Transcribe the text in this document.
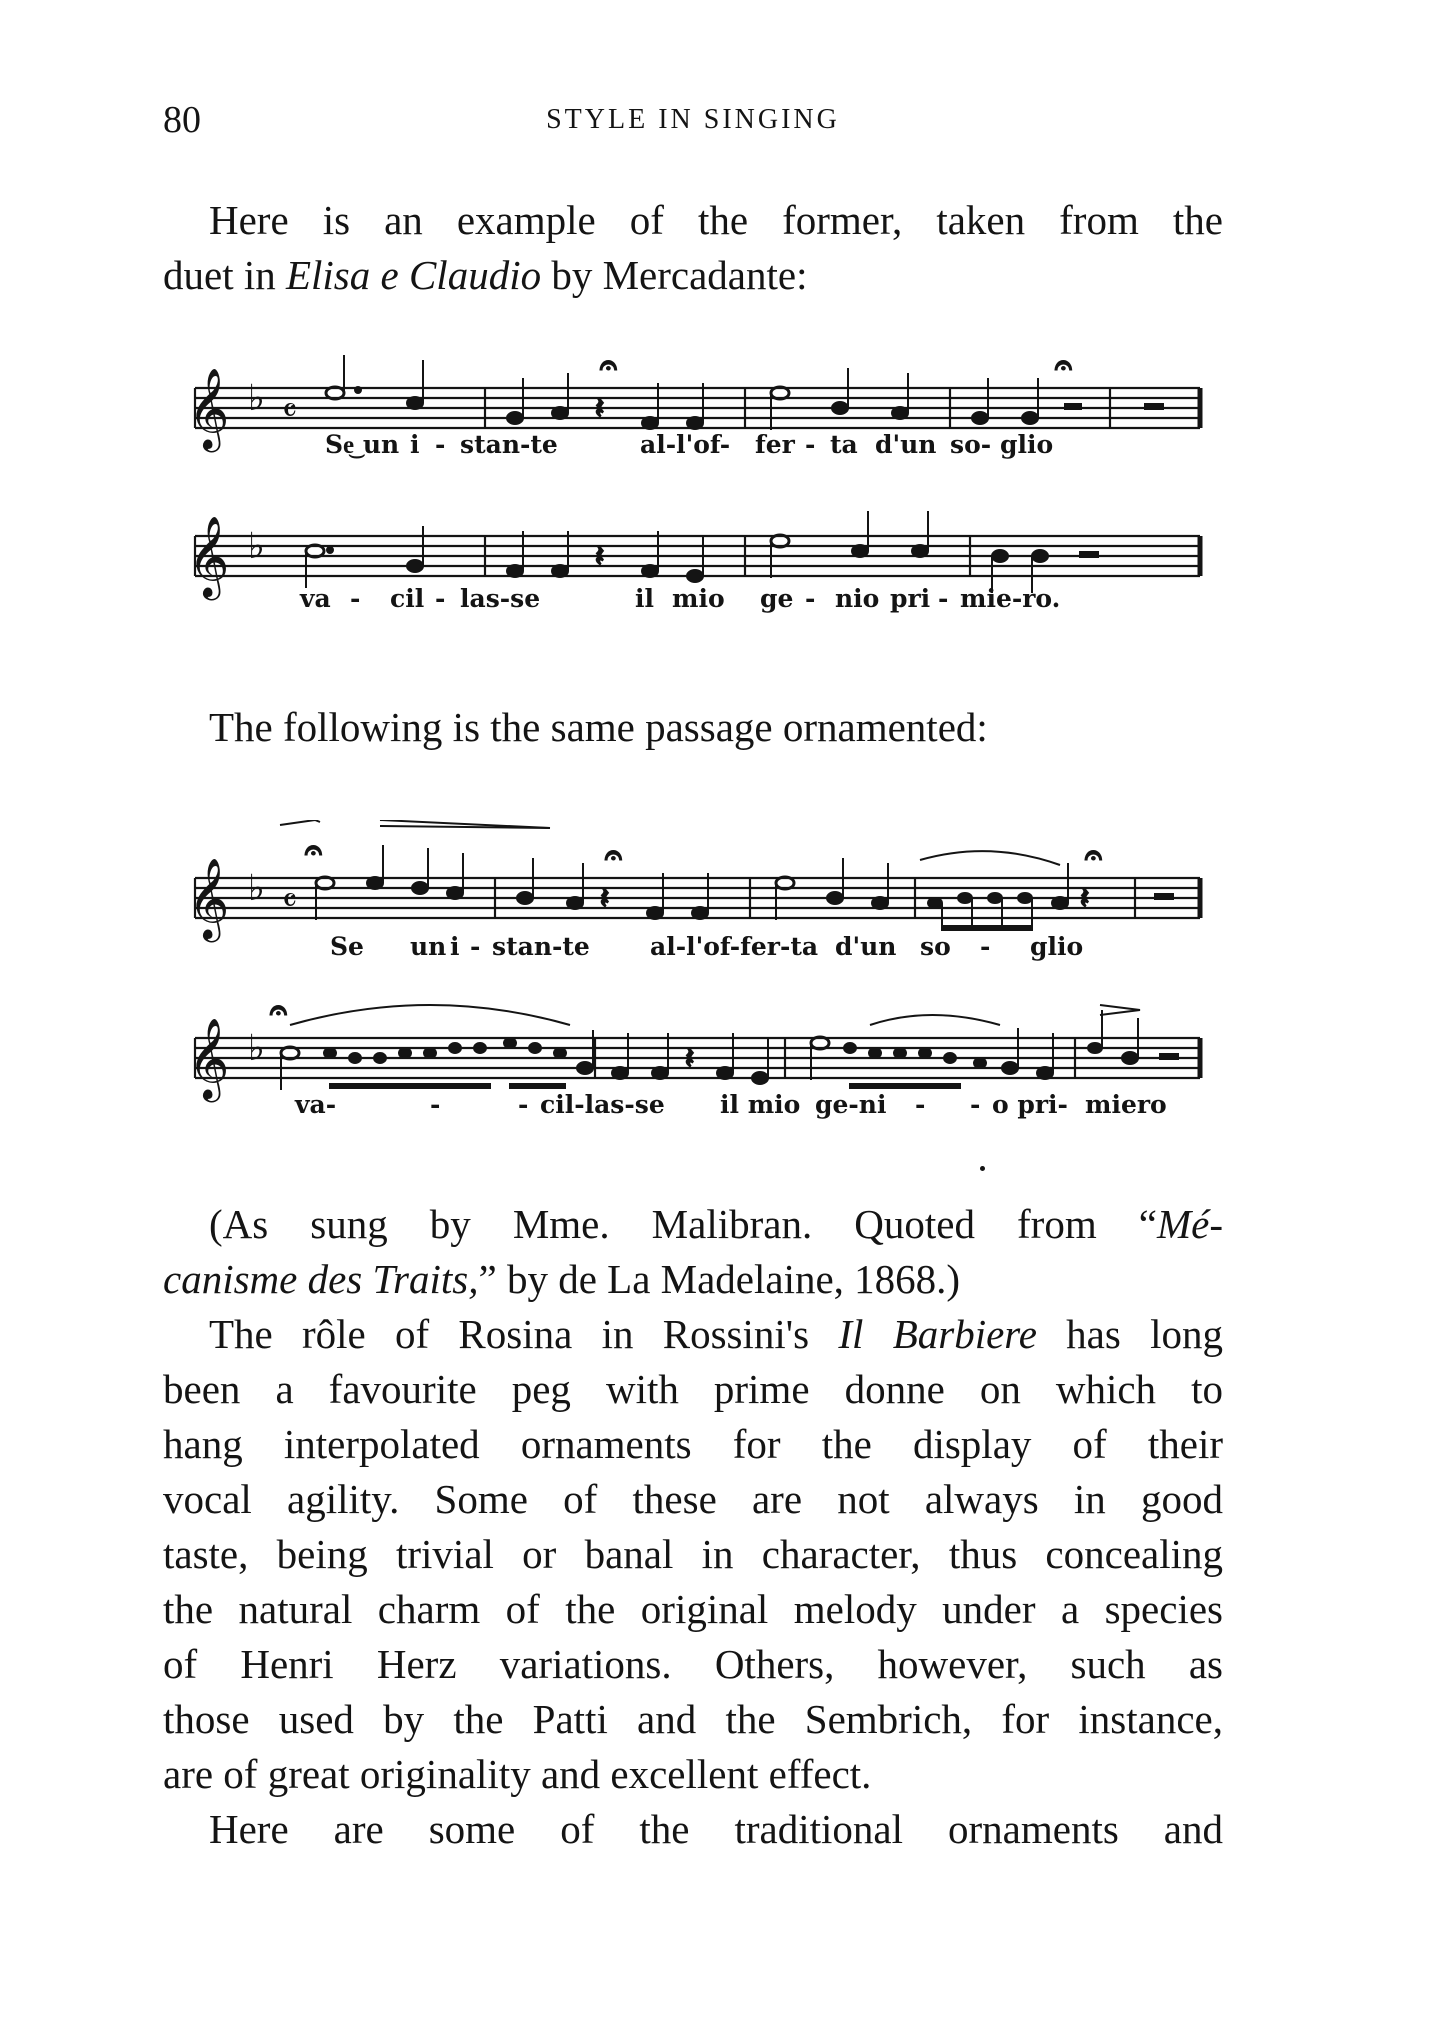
80	STYLE IN SINGING

Here is an example of the former, taken from the

duet in Elisa e Claudio by Mercadante:

𝄞 ♭ 𝄴	𝄽
𝄐	𝄐
Se͜ un i - stan-te	al-l'of- fer - ta d'un so- glio
𝄞 ♭	𝄽
va - cil - las-se	il mio ge - nio pri - mie-ro.

The following is the same passage ornamented:

𝄞 ♭ 𝄴
𝄐
𝄽
𝄐
𝄽
𝄐
Se un i - stan-te al-l'of-fer-ta d'un so - glio
𝄞 ♭
𝄐
𝄽
va-	-	- cil-las-se il mio ge-ni - - o pri- miero

(As sung by Mme. Malibran. Quoted from “Mé-

canisme des Traits,” by de La Madelaine, 1868.)

The rôle of Rosina in Rossini's Il Barbiere has long

been a favourite peg with prime donne on which to

hang interpolated ornaments for the display of their

vocal agility. Some of these are not always in good

taste, being trivial or banal in character, thus concealing

the natural charm of the original melody under a species

of Henri Herz variations. Others, however, such as

those used by the Patti and the Sembrich, for instance,

are of great originality and excellent effect.

Here are some of the traditional ornaments and
